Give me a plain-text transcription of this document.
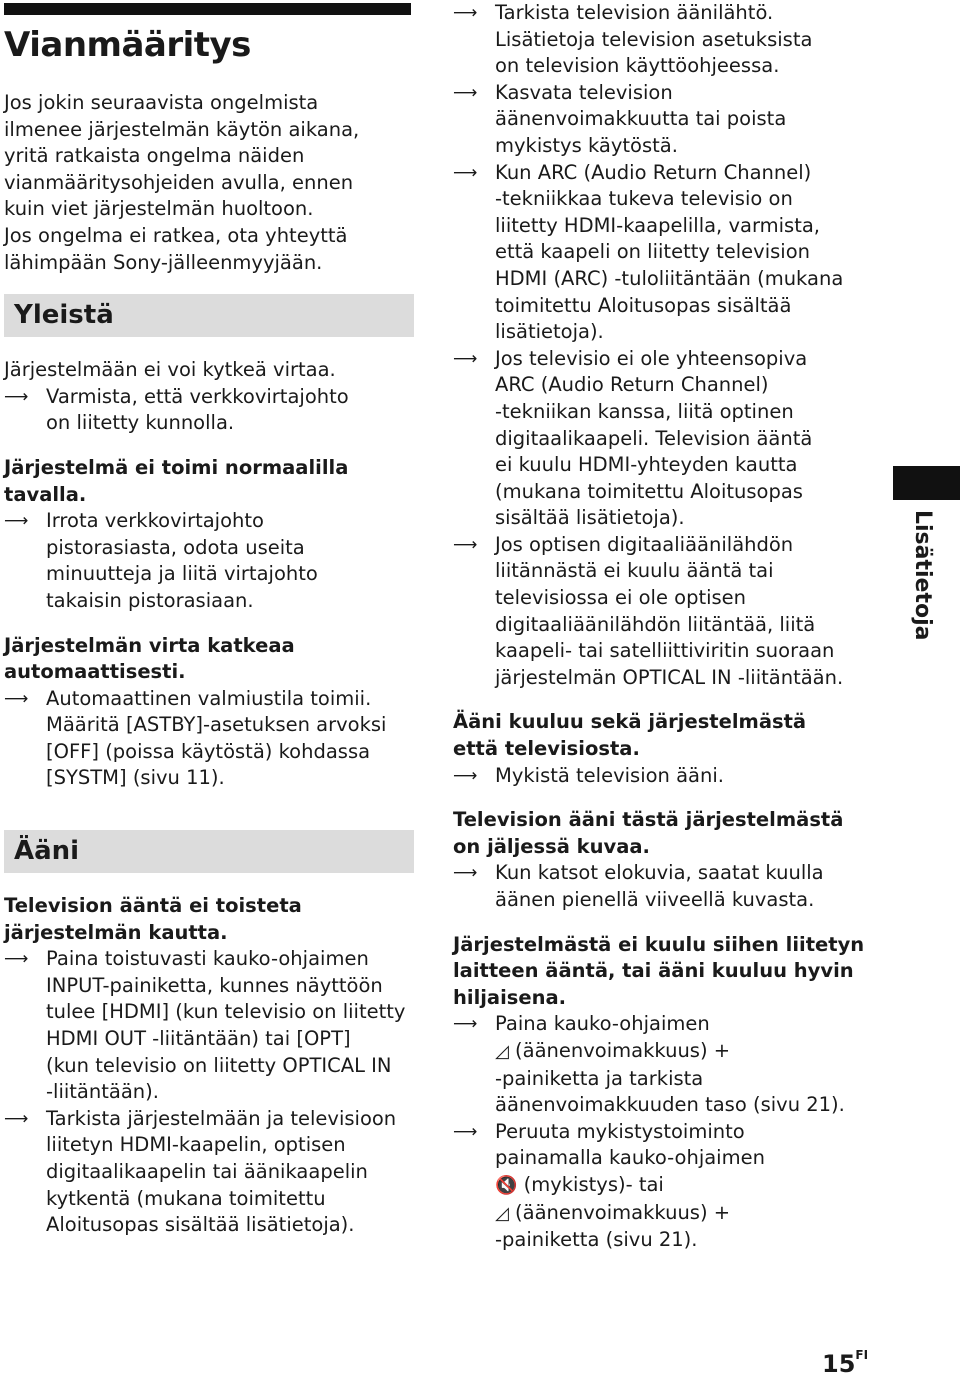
Vianmääritys

Jos jokin seuraavista ongelmista
ilmenee järjestelmän käytön aikana,
yritä ratkaista ongelma näiden
vianmääritysohjeiden avulla, ennen
kuin viet järjestelmän huoltoon.
Jos ongelma ei ratkea, ota yhteyttä
lähimpään Sony-jälleenmyyjään.

Yleistä

Järjestelmään ei voi kytkeä virtaa.

⟶ Varmista, että verkkovirtajohto
on liitetty kunnolla.

Järjestelmä ei toimi normaalilla tavalla.

⟶ Irrota verkkovirtajohto
pistorasiasta, odota useita
minuutteja ja liitä virtajohto
takaisin pistorasiaan.

Järjestelmän virta katkeaa
automaattisesti.

⟶ Automaattinen valmiustila toimii.
Määritä [ASTBY]-asetuksen arvoksi
[OFF] (poissa käytöstä) kohdassa
[SYSTM] (sivu 11).
Ääni

Television ääntä ei toisteta
järjestelmän kautta.

⟶ Paina toistuvasti kauko-ohjaimen
INPUT-painiketta, kunnes näyttöön
tulee [HDMI] (kun televisio on liitetty
HDMI OUT -liitäntään) tai [OPT]
(kun televisio on liitetty OPTICAL IN
-liitäntään).
⟶ Tarkista järjestelmään ja televisioon
liitetyn HDMI-kaapelin, optisen
digitaalikaapelin tai äänikaapelin
kytkentä (mukana toimitettu
Aloitusopas sisältää lisätietoja).
⟶ Tarkista television äänilähtö.
Lisätietoja television asetuksista
on television käyttöohjeessa.
⟶ Kasvata television
äänenvoimakkuutta tai poista
mykistys käytöstä.
⟶ Kun ARC (Audio Return Channel)
-tekniikkaa tukeva televisio on
liitetty HDMI-kaapelilla, varmista,
että kaapeli on liitetty television
HDMI (ARC) -tuloliitäntään (mukana
toimitettu Aloitusopas sisältää
lisätietoja).
⟶ Jos televisio ei ole yhteensopiva
ARC (Audio Return Channel)
-tekniikan kanssa, liitä optinen
digitaalikaapeli. Television ääntä
ei kuulu HDMI-yhteyden kautta
(mukana toimitettu Aloitusopas
sisältää lisätietoja).
⟶ Jos optisen digitaaliäänilähdön
liitännästä ei kuulu ääntä tai
televisiossa ei ole optisen
digitaaliäänilähdön liitäntää, liitä
kaapeli- tai satelliittiviritin suoraan
järjestelmän OPTICAL IN -liitäntään.

Ääni kuuluu sekä järjestelmästä
että televisiosta.

⟶ Mykistä television ääni.

Television ääni tästä järjestelmästä
on jäljessä kuvaa.

⟶ Kun katsot elokuvia, saatat kuulla
äänen pienellä viiveellä kuvasta.

Järjestelmästä ei kuulu siihen liitetyn
laitteen ääntä, tai ääni kuuluu hyvin
hiljaisena.

⟶ Paina kauko-ohjaimen
◿ (äänenvoimakkuus) +
-painiketta ja tarkista
äänenvoimakkuuden taso (sivu 21).
⟶ Peruuta mykistystoiminto
painamalla kauko-ohjaimen
🔇 (mykistys)- tai
◿ (äänenvoimakkuus) +
-painiketta (sivu 21).
Lisätietoja
$15^{FI}$
